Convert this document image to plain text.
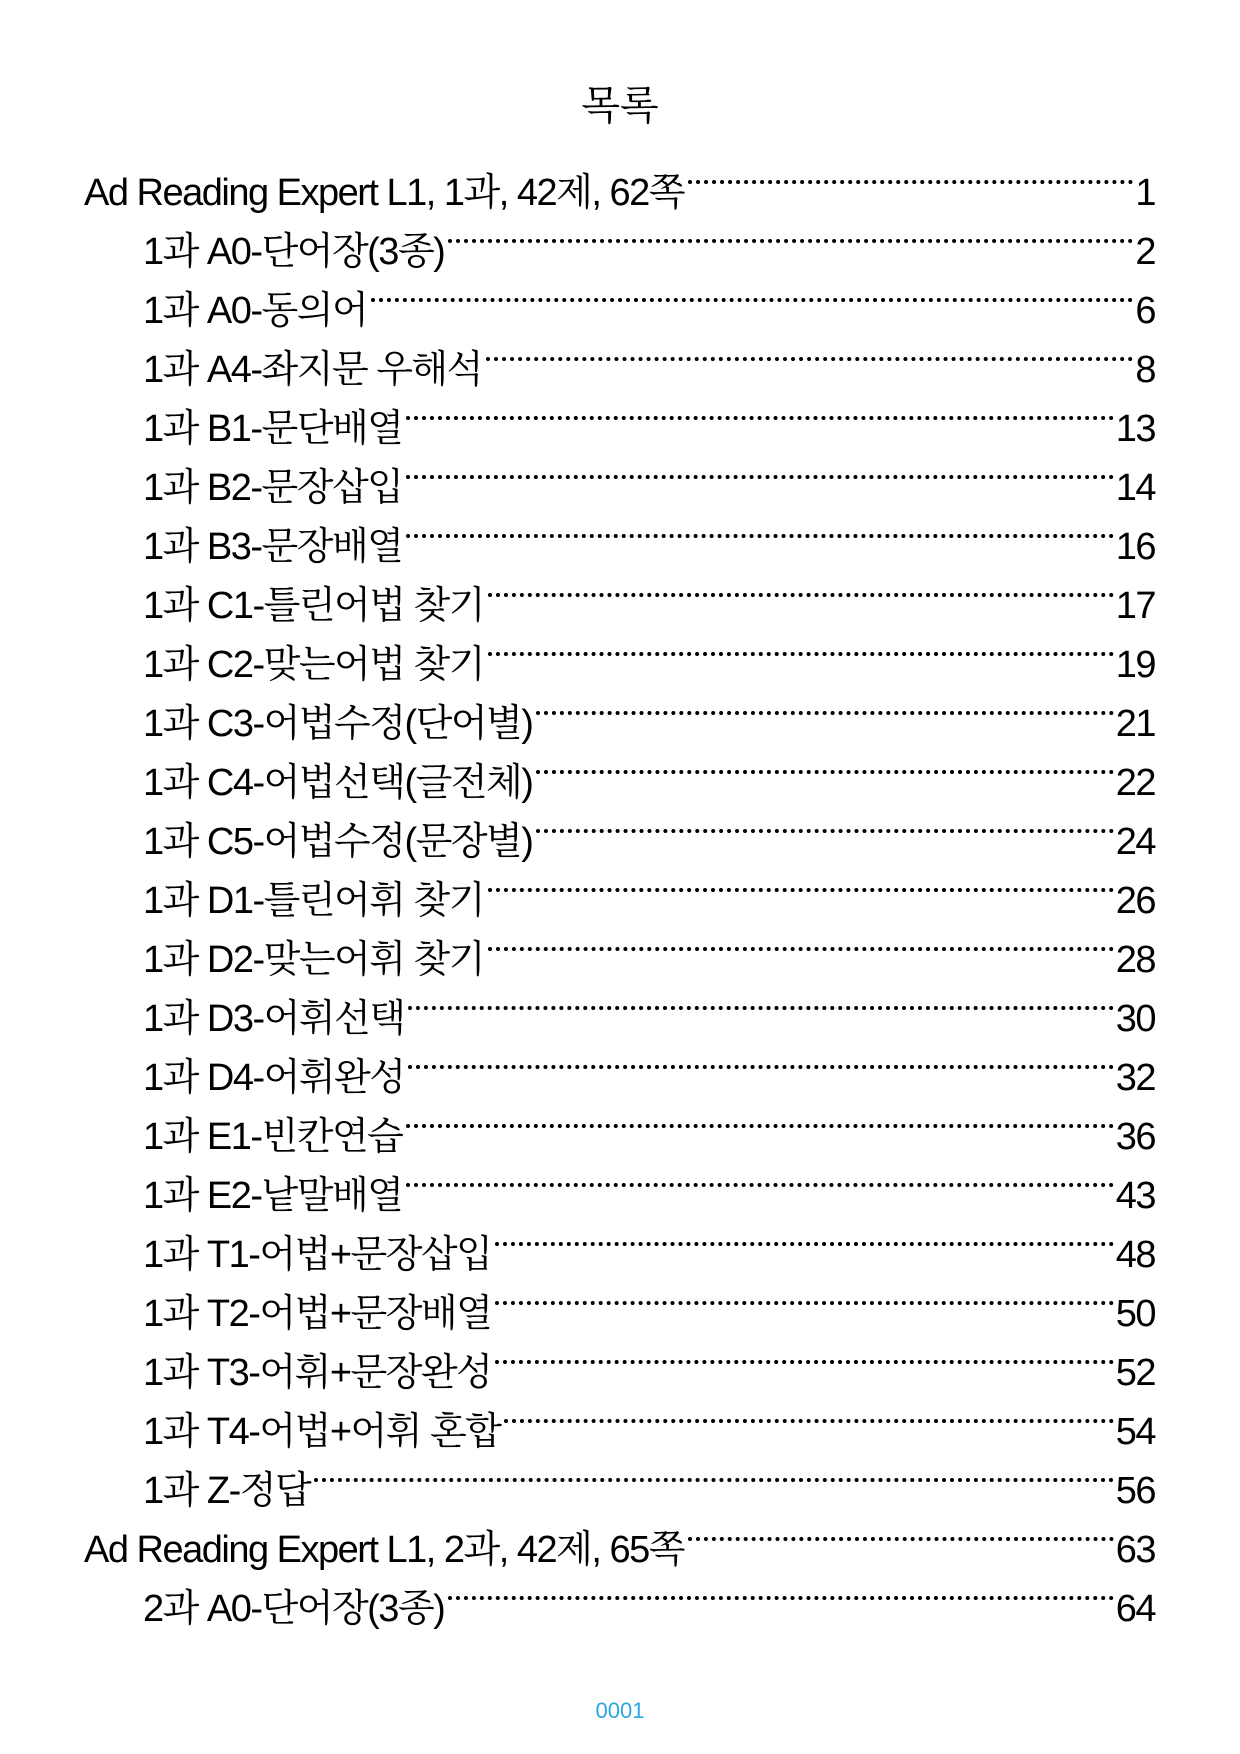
목록
Ad Reading Expert L1, 1과, 42제, 62쪽	1
1과 A0-단어장(3종)	2
1과 A0-동의어	6
1과 A4-좌지문 우해석	8
1과 B1-문단배열	13
1과 B2-문장삽입	14
1과 B3-문장배열	16
1과 C1-틀린어법 찾기	17
1과 C2-맞는어법 찾기	19
1과 C3-어법수정(단어별)	21
1과 C4-어법선택(글전체)	22
1과 C5-어법수정(문장별)	24
1과 D1-틀린어휘 찾기	26
1과 D2-맞는어휘 찾기	28
1과 D3-어휘선택	30
1과 D4-어휘완성	32
1과 E1-빈칸연습	36
1과 E2-낱말배열	43
1과 T1-어법+문장삽입	48
1과 T2-어법+문장배열	50
1과 T3-어휘+문장완성	52
1과 T4-어법+어휘 혼합	54
1과 Z-정답	56
Ad Reading Expert L1, 2과, 42제, 65쪽	63
2과 A0-단어장(3종)	64
0001
